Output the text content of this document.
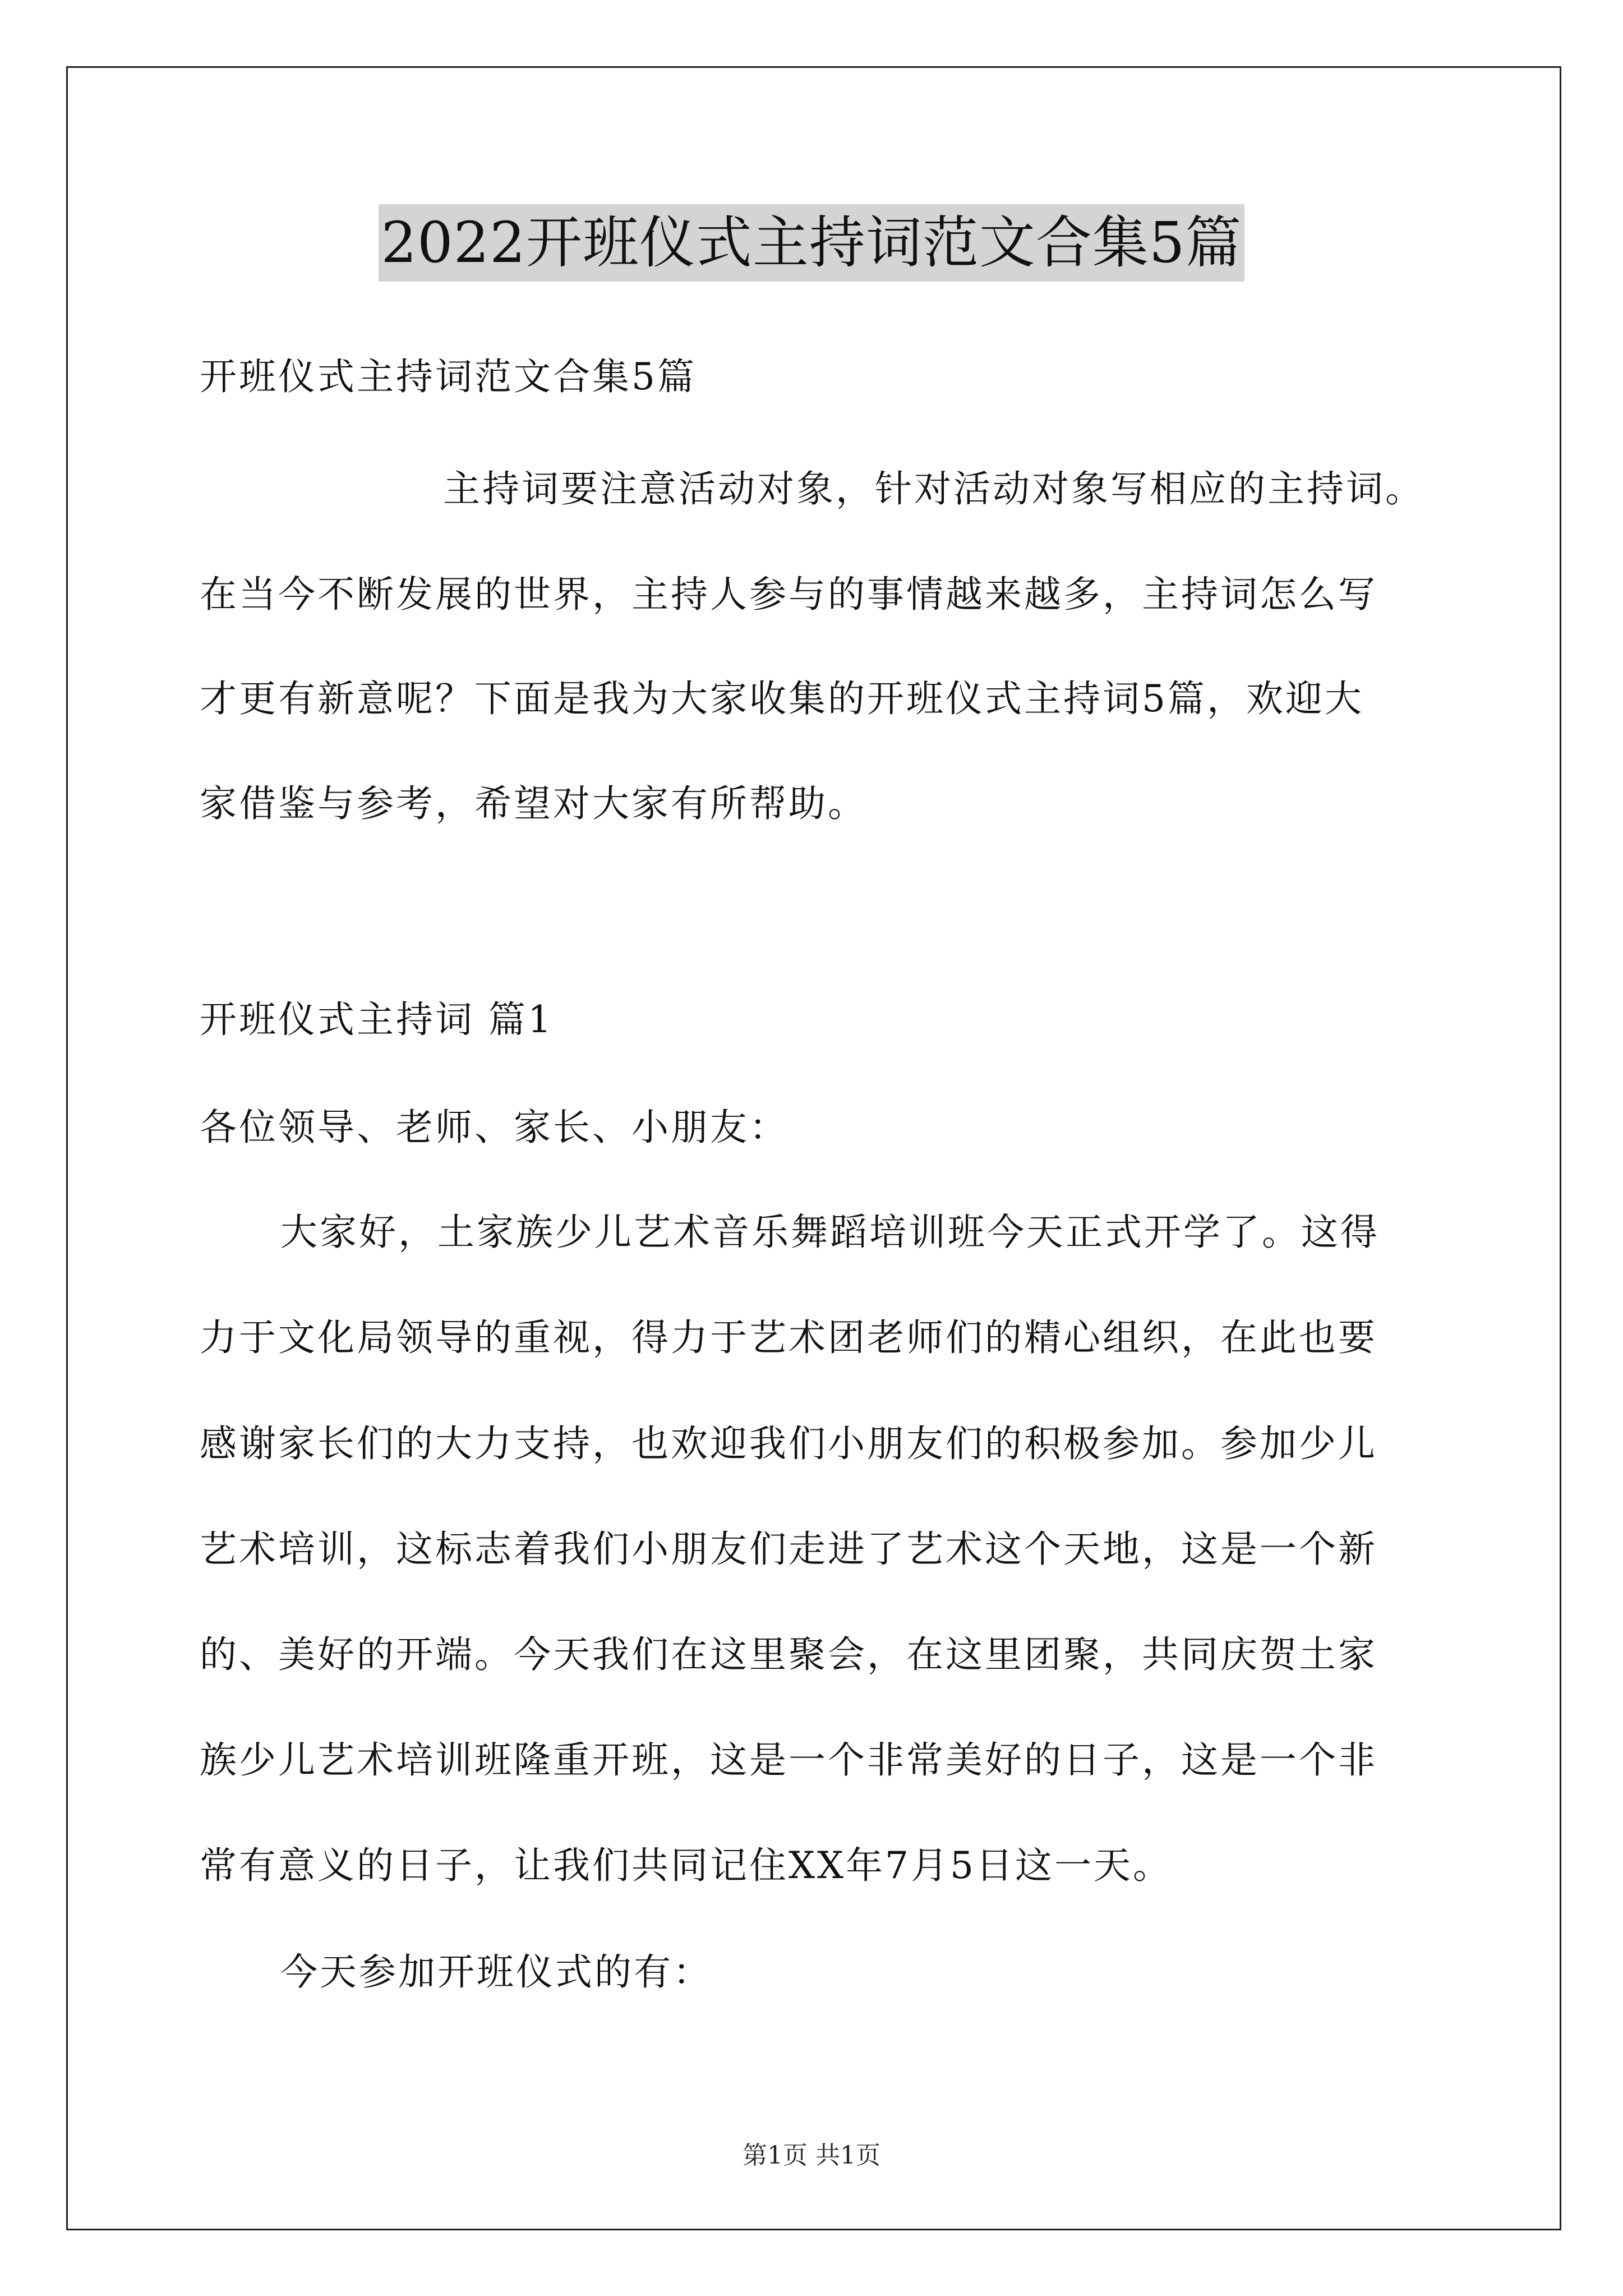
2022开班仪式主持词范文合集5篇
开班仪式主持词范文合集5篇
主持词要注意活动对象，针对活动对象写相应的主持词。
在当今不断发展的世界，主持人参与的事情越来越多，主持词怎么写
才更有新意呢？下面是我为大家收集的开班仪式主持词5篇，欢迎大
家借鉴与参考，希望对大家有所帮助。
开班仪式主持词 篇1
各位领导、老师、家长、小朋友：
大家好，土家族少儿艺术音乐舞蹈培训班今天正式开学了。这得
力于文化局领导的重视，得力于艺术团老师们的精心组织，在此也要
感谢家长们的大力支持，也欢迎我们小朋友们的积极参加。参加少儿
艺术培训，这标志着我们小朋友们走进了艺术这个天地，这是一个新
的、美好的开端。今天我们在这里聚会，在这里团聚，共同庆贺土家
族少儿艺术培训班隆重开班，这是一个非常美好的日子，这是一个非
常有意义的日子，让我们共同记住XX年7月5日这一天。
今天参加开班仪式的有：
第1页 共1页
